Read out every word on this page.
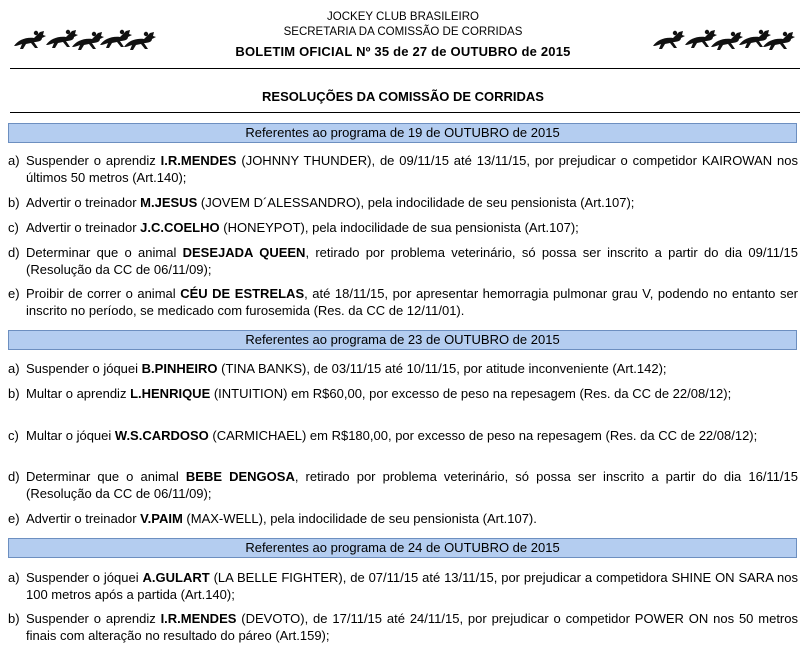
JOCKEY CLUB BRASILEIRO
SECRETARIA DA COMISSÃO DE CORRIDAS
BOLETIM OFICIAL Nº 35 de 27 de OUTUBRO de 2015
RESOLUÇÕES DA COMISSÃO DE CORRIDAS
Referentes ao programa de 19 de OUTUBRO de 2015
a) Suspender o aprendiz I.R.MENDES (JOHNNY THUNDER), de 09/11/15 até 13/11/15, por prejudicar o competidor KAIROWAN nos últimos 50 metros (Art.140);
b) Advertir o treinador M.JESUS (JOVEM D´ALESSANDRO), pela indocilidade de seu pensionista (Art.107);
c) Advertir o treinador J.C.COELHO (HONEYPOT), pela indocilidade de sua pensionista (Art.107);
d) Determinar que o animal DESEJADA QUEEN, retirado por problema veterinário, só possa ser inscrito a partir do dia 09/11/15 (Resolução da CC de 06/11/09);
e) Proibir de correr o animal CÉU DE ESTRELAS, até 18/11/15, por apresentar hemorragia pulmonar grau V, podendo no entanto ser inscrito no período, se medicado com furosemida (Res. da CC de 12/11/01).
Referentes ao programa de 23 de OUTUBRO de 2015
a) Suspender o jóquei B.PINHEIRO (TINA BANKS), de 03/11/15 até 10/11/15, por atitude inconveniente (Art.142);
b) Multar o aprendiz L.HENRIQUE (INTUITION) em R$60,00, por excesso de peso na repesagem (Res. da CC de 22/08/12);
c) Multar o jóquei W.S.CARDOSO (CARMICHAEL) em R$180,00, por excesso de peso na repesagem (Res. da CC de 22/08/12);
d) Determinar que o animal BEBE DENGOSA, retirado por problema veterinário, só possa ser inscrito a partir do dia 16/11/15 (Resolução da CC de 06/11/09);
e) Advertir o treinador V.PAIM (MAX-WELL), pela indocilidade de seu pensionista (Art.107).
Referentes ao programa de 24 de OUTUBRO de 2015
a) Suspender o jóquei A.GULART (LA BELLE FIGHTER), de 07/11/15 até 13/11/15, por prejudicar a competidora SHINE ON SARA nos 100 metros após a partida (Art.140);
b) Suspender o aprendiz I.R.MENDES (DEVOTO), de 17/11/15 até 24/11/15, por prejudicar o competidor POWER ON nos 50 metros finais com alteração no resultado do páreo (Art.159);
